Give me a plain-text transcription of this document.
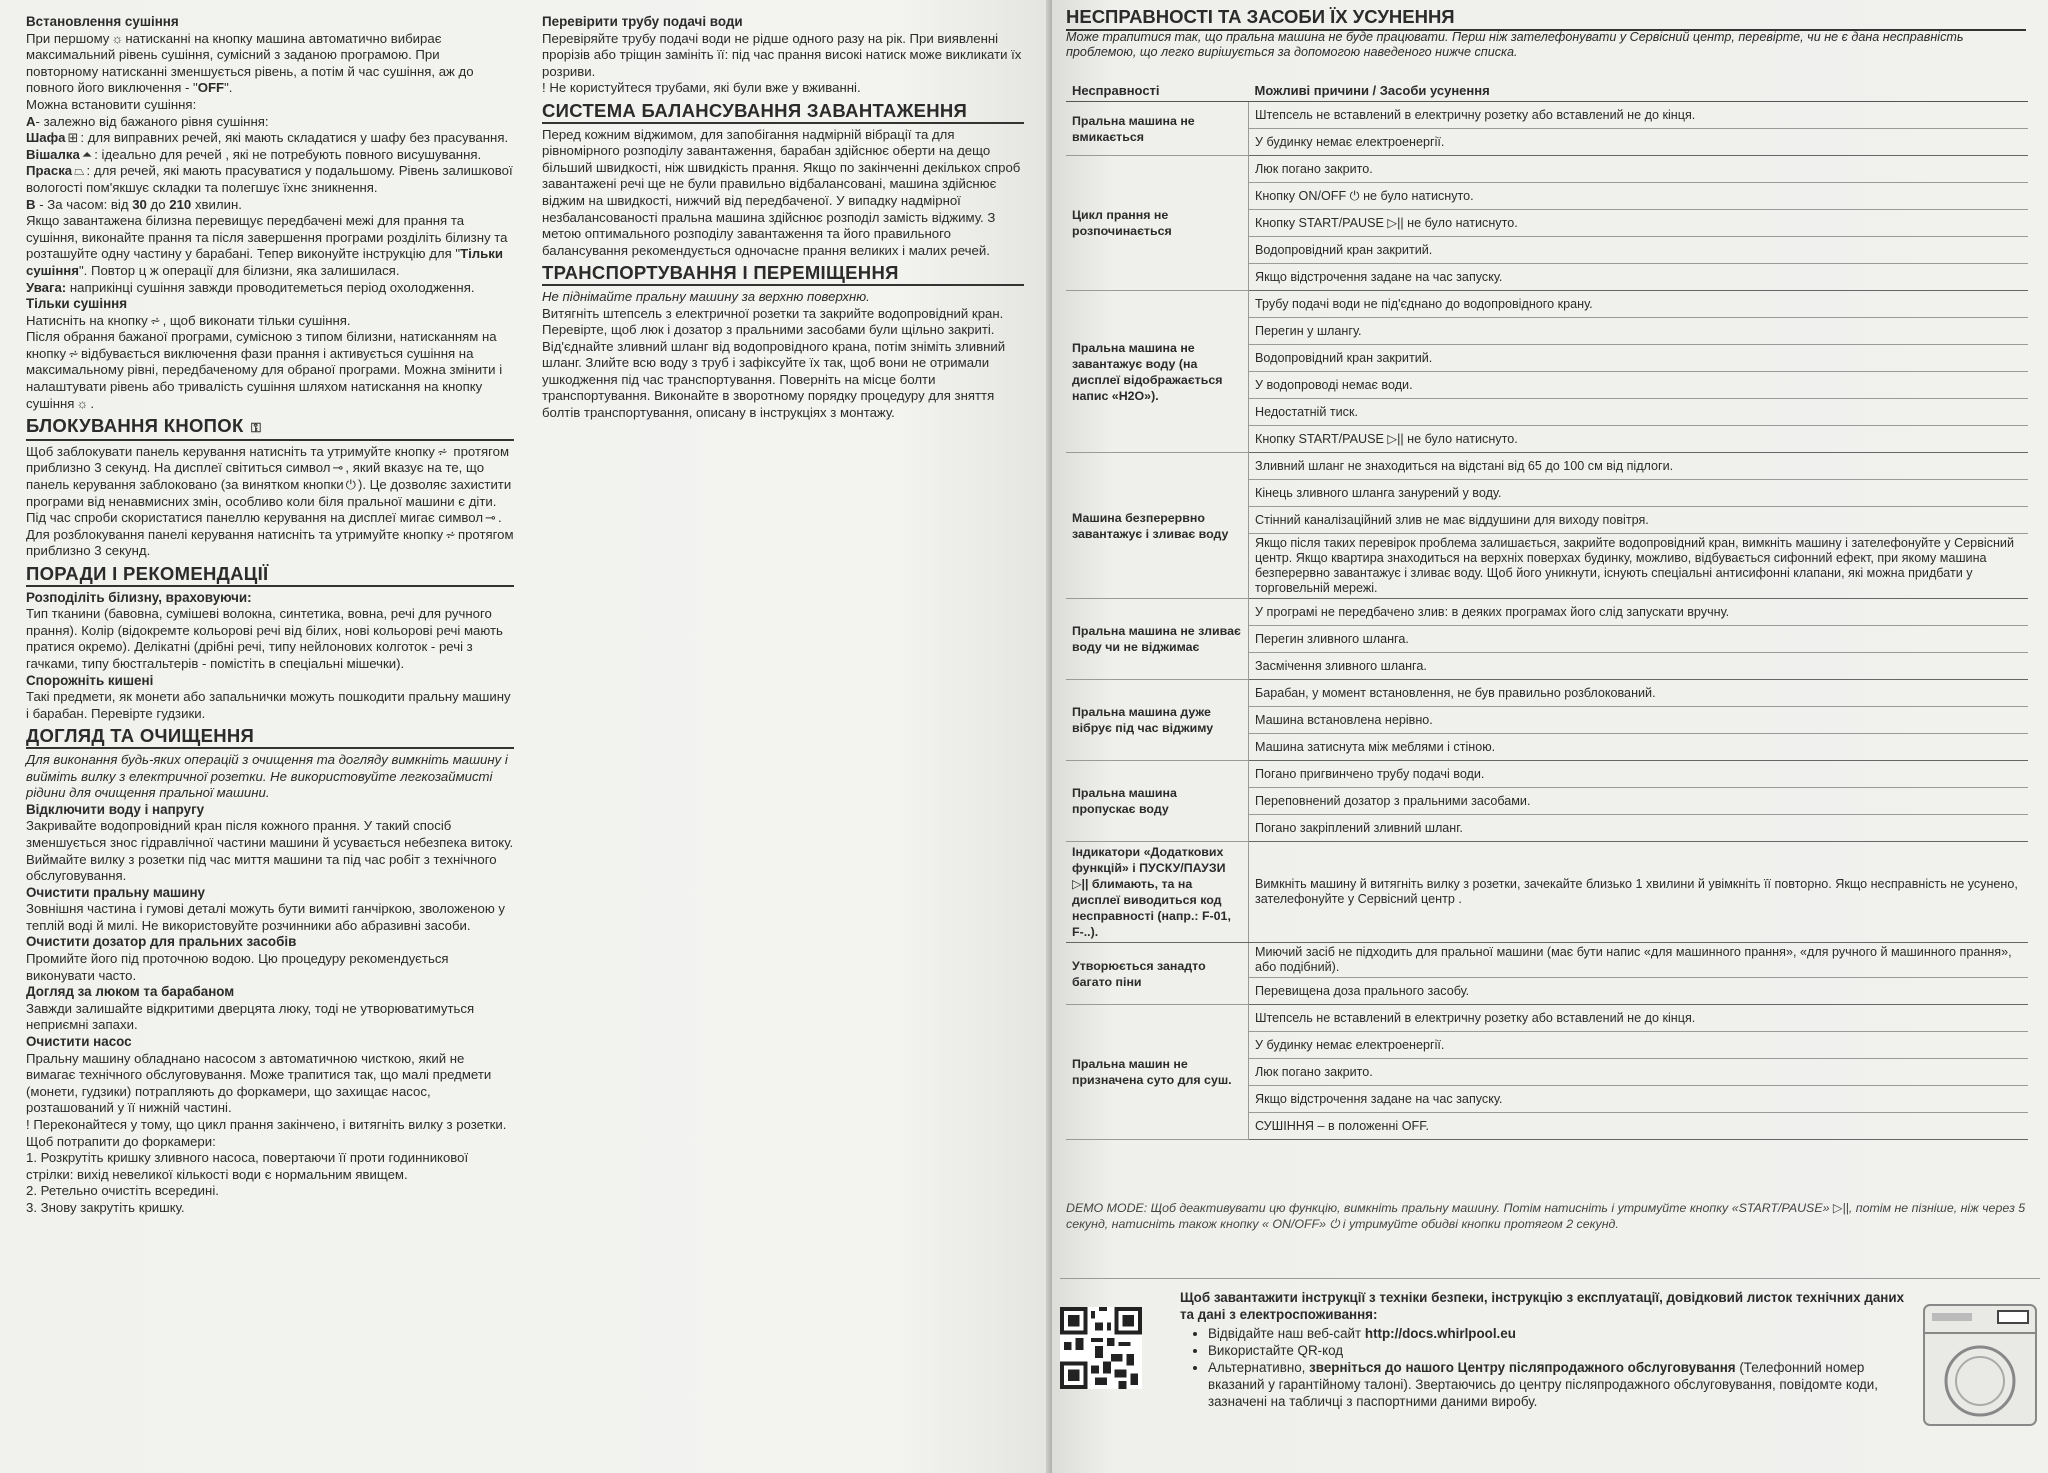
Встановлення сушіння

При першому ☼ натисканні на кнопку машина автоматично вибирає максимальний рівень сушіння, сумісний з заданою програмою. При повторному натисканні зменшується рівень, а потім й час сушіння, аж до повного його виключення - "OFF".

Можна встановити сушіння:

А- залежно від бажаного рівня сушіння:

Шафа ⊞ : для виправних речей, які мають складатися у шафу без прасування.

Вішалка ⏶ : ідеально для речей , які не потребують повного висушування.

Праска ⏢ : для речей, які мають прасуватися у подальшому. Рівень залишкової вологості пом'якшує складки та полегшує їхнє зникнення.

В - За часом: від 30 до 210 хвилин.

Якщо завантажена білизна перевищує передбачені межі для прання та сушіння, виконайте прання та після завершення програми розділіть білизну та розташуйте одну частину у барабані. Тепер виконуйте інструкцію для "Тільки сушіння". Повтор ц ж операції для білизни, яка залишилася.

Увага: наприкінці сушіння завжди проводитеметься період охолодження.

Тільки сушіння

Натисніть на кнопку ⩫ , щоб виконати тільки сушіння.

Після обрання бажаної програми, сумісною з типом білизни, натисканням на кнопку ⩫ відбувається виключення фази прання і активується сушіння на максимальному рівні, передбаченому для обраної програми. Можна змінити і налаштувати рівень або тривалість сушіння шляхом натискання на кнопку сушіння ☼ .

БЛОКУВАННЯ КНОПОК ⚿

Щоб заблокувати панель керування натисніть та утримуйте кнопку ⩫ протягом приблизно 3 секунд. На дисплеї світиться символ ⊸ , який вказує на те, що панель керування заблоковано (за винятком кнопки ⏻ ). Це дозволяє захистити програми від ненавмисних змін, особливо коли біля пральної машини є діти. Під час спроби скористатися панеллю керування на дисплеї мигає символ ⊸ . Для розблокування панелі керування натисніть та утримуйте кнопку ⩫ протягом приблизно 3 секунд.

ПОРАДИ І РЕКОМЕНДАЦІЇ

Розподіліть білизну, враховуючи:

Тип тканини (бавовна, сумішеві волокна, синтетика, вовна, речі для ручного прання). Колір (відокремте кольорові речі від білих, нові кольорові речі мають пратися окремо). Делікатні (дрібні речі, типу нейлонових колготок - речі з гачками, типу бюстгальтерів - помістіть в спеціальні мішечки).

Спорожніть кишені

Такі предмети, як монети або запальнички можуть пошкодити пральну машину і барабан. Перевірте гудзики.

ДОГЛЯД ТА ОЧИЩЕННЯ

Для виконання будь-яких операцій з очищення та догляду вимкніть машину і вийміть вилку з електричної розетки. Не використовуйте легкозаймисті рідини для очищення пральної машини.

Відключити воду і напругу

Закривайте водопровідний кран після кожного прання. У такий спосіб зменшується знос гідравлічної частини машини й усувається небезпека витоку.

Виймайте вилку з розетки під час миття машини та під час робіт з технічного обслуговування.

Очистити пральну машину

Зовнішня частина і гумові деталі можуть бути вимиті ганчіркою, зволоженою у теплій воді й милі. Не використовуйте розчинники або абразивні засоби.

Очистити дозатор для пральних засобів

Промийте його під проточною водою. Цю процедуру рекомендується виконувати часто.

Догляд за люком та барабаном

Завжди залишайте відкритими дверцята люку, тоді не утворюватимуться неприємні запахи.

Очистити насос

Пральну машину обладнано насосом з автоматичною чисткою, який не вимагає технічного обслуговування. Може трапитися так, що малі предмети (монети, гудзики) потрапляють до форкамери, що захищає насос, розташований у її нижній частині.

! Переконайтеся у тому, що цикл прання закінчено, і витягніть вилку з розетки.

Щоб потрапити до форкамери:

1. Розкрутіть кришку зливного насоса, повертаючи її проти годинникової стрілки: вихід невеликої кількості води є нормальним явищем.

2. Ретельно очистіть всередині.

3. Знову закрутіть кришку.

Перевірити трубу подачі води

Перевіряйте трубу подачі води не рідше одного разу на рік. При виявленні прорізів або тріщин замініть її: під час прання високі натиск може викликати їх розриви.

! Не користуйтеся трубами, які були вже у вживанні.

СИСТЕМА БАЛАНСУВАННЯ ЗАВАНТАЖЕННЯ

Перед кожним віджимом, для запобігання надмірній вібрації та для рівномірного розподілу завантаження, барабан здійснює оберти на дещо більший швидкості, ніж швидкість прання. Якщо по закінченні декількох спроб завантажені речі ще не були правильно відбалансовані, машина здійснює віджим на швидкості, нижчий від передбаченої. У випадку надмірної незбалансованості пральна машина здійснює розподіл замість віджиму. З метою оптимального розподілу завантаження та його правильного балансування рекомендується одночасне прання великих і малих речей.

ТРАНСПОРТУВАННЯ І ПЕРЕМІЩЕННЯ

Не піднімайте пральну машину за верхню поверхню.

Витягніть штепсель з електричної розетки та закрийте водопровідний кран. Перевірте, щоб люк і дозатор з пральними засобами були щільно закриті. Від'єднайте зливний шланг від водопровідного крана, потім зніміть зливний шланг. Злийте всю воду з труб і зафіксуйте їх так, щоб вони не отримали ушкодження під час транспортування. Поверніть на місце болти транспортування. Виконайте в зворотному порядку процедуру для зняття болтів транспортування, описану в інструкціях з монтажу.

НЕСПРАВНОСТІ ТА ЗАСОБИ ЇХ УСУНЕННЯ
Може трапитися так, що пральна машина не буде працювати. Перш ніж зателефонувати у Сервісний центр, перевірте, чи не є дана несправність проблемою, що легко вирішується за допомогою наведеного нижче списка.
Несправності	Можливі причини / Засоби усунення
Пральна машина не вмикається	Штепсель не вставлений в електричну розетку або вставлений не до кінця.
	У будинку немає електроенергії.
Цикл прання не розпочинається	Люк погано закрито.
	Кнопку ON/OFF ⏻ не було натиснуто.
	Кнопку START/PAUSE ▷|| не було натиснуто.
	Водопровідний кран закритий.
	Якщо відстрочення задане на час запуску.
Пральна машина не завантажує воду (на дисплеї відображається напис «H2O»).	Трубу подачі води не під'єднано до водопровідного крану.
	Перегин у шлангу.
	Водопровідний кран закритий.
	У водопроводі немає води.
	Недостатній тиск.
	Кнопку START/PAUSE ▷|| не було натиснуто.
Машина безперервно завантажує і зливає воду	Зливний шланг не знаходиться на відстані від 65 до 100 см від підлоги.
	Кінець зливного шланга занурений у воду.
	Стінний каналізаційний злив не має віддушини для виходу повітря.
	Якщо після таких перевірок проблема залишається, закрийте водопровідний кран, вимкніть машину і зателефонуйте у Сервісний центр. Якщо квартира знаходиться на верхніх поверхах будинку, можливо, відбувається сифонний ефект, при якому машина безперервно завантажує і зливає воду. Щоб його уникнути, існують спеціальні антисифонні клапани, які можна придбати у торговельній мережі.
Пральна машина не зливає воду чи не віджимає	У програмі не передбачено злив: в деяких програмах його слід запускати вручну.
	Перегин зливного шланга.
	Засмічення зливного шланга.
Пральна машина дуже вібрує під час віджиму	Барабан, у момент встановлення, не був правильно розблокований.
	Машина встановлена нерівно.
	Машина затиснута між меблями і стіною.
Пральна машина пропускає воду	Погано пригвинчено трубу подачі води.
	Переповнений дозатор з пральними засобами.
	Погано закріплений зливний шланг.
Індикатори «Додаткових функцій» і ПУСКУ/ПАУЗИ ▷|| блимають, та на дисплеї виводиться код несправності (напр.: F-01, F-..).	Вимкніть машину й витягніть вилку з розетки, зачекайте близько 1 хвилини й увімкніть її повторно. Якщо несправність не усунено, зателефонуйте у Сервісний центр .
Утворюється занадто багато піни	Миючий засіб не підходить для пральної машини (має бути напис «для машинного прання», «для ручного й машинного прання», або подібний).
	Перевищена доза прального засобу.
Пральна машин не призначена суто для суш.	Штепсель не вставлений в електричну розетку або вставлений не до кінця.
	У будинку немає електроенергії.
	Люк погано закрито.
	Якщо відстрочення задане на час запуску.
	СУШІННЯ – в положенні OFF.
DEMO MODE: Щоб деактивувати цю функцію, вимкніть пральну машину. Потім натисніть і утримуйте кнопку «START/PAUSE» ▷||, потім не пізніше, ніж через 5 секунд, натисніть також кнопку « ON/OFF» ⏻ і утримуйте обидві кнопки протягом 2 секунд.
Щоб завантажити інструкції з техніки безпеки, інструкцію з експлуатації, довідковий листок технічних даних та дані з електроспоживання:
• Відвідайте наш веб-сайт http://docs.whirlpool.eu
• Використайте QR-код
• Альтернативно, зверніться до нашого Центру післяпродажного обслуговування (Телефонний номер вказаний у гарантійному талоні). Звертаючись до центру післяпродажного обслуговування, повідомте коди, зазначені на табличці з паспортними даними виробу.
